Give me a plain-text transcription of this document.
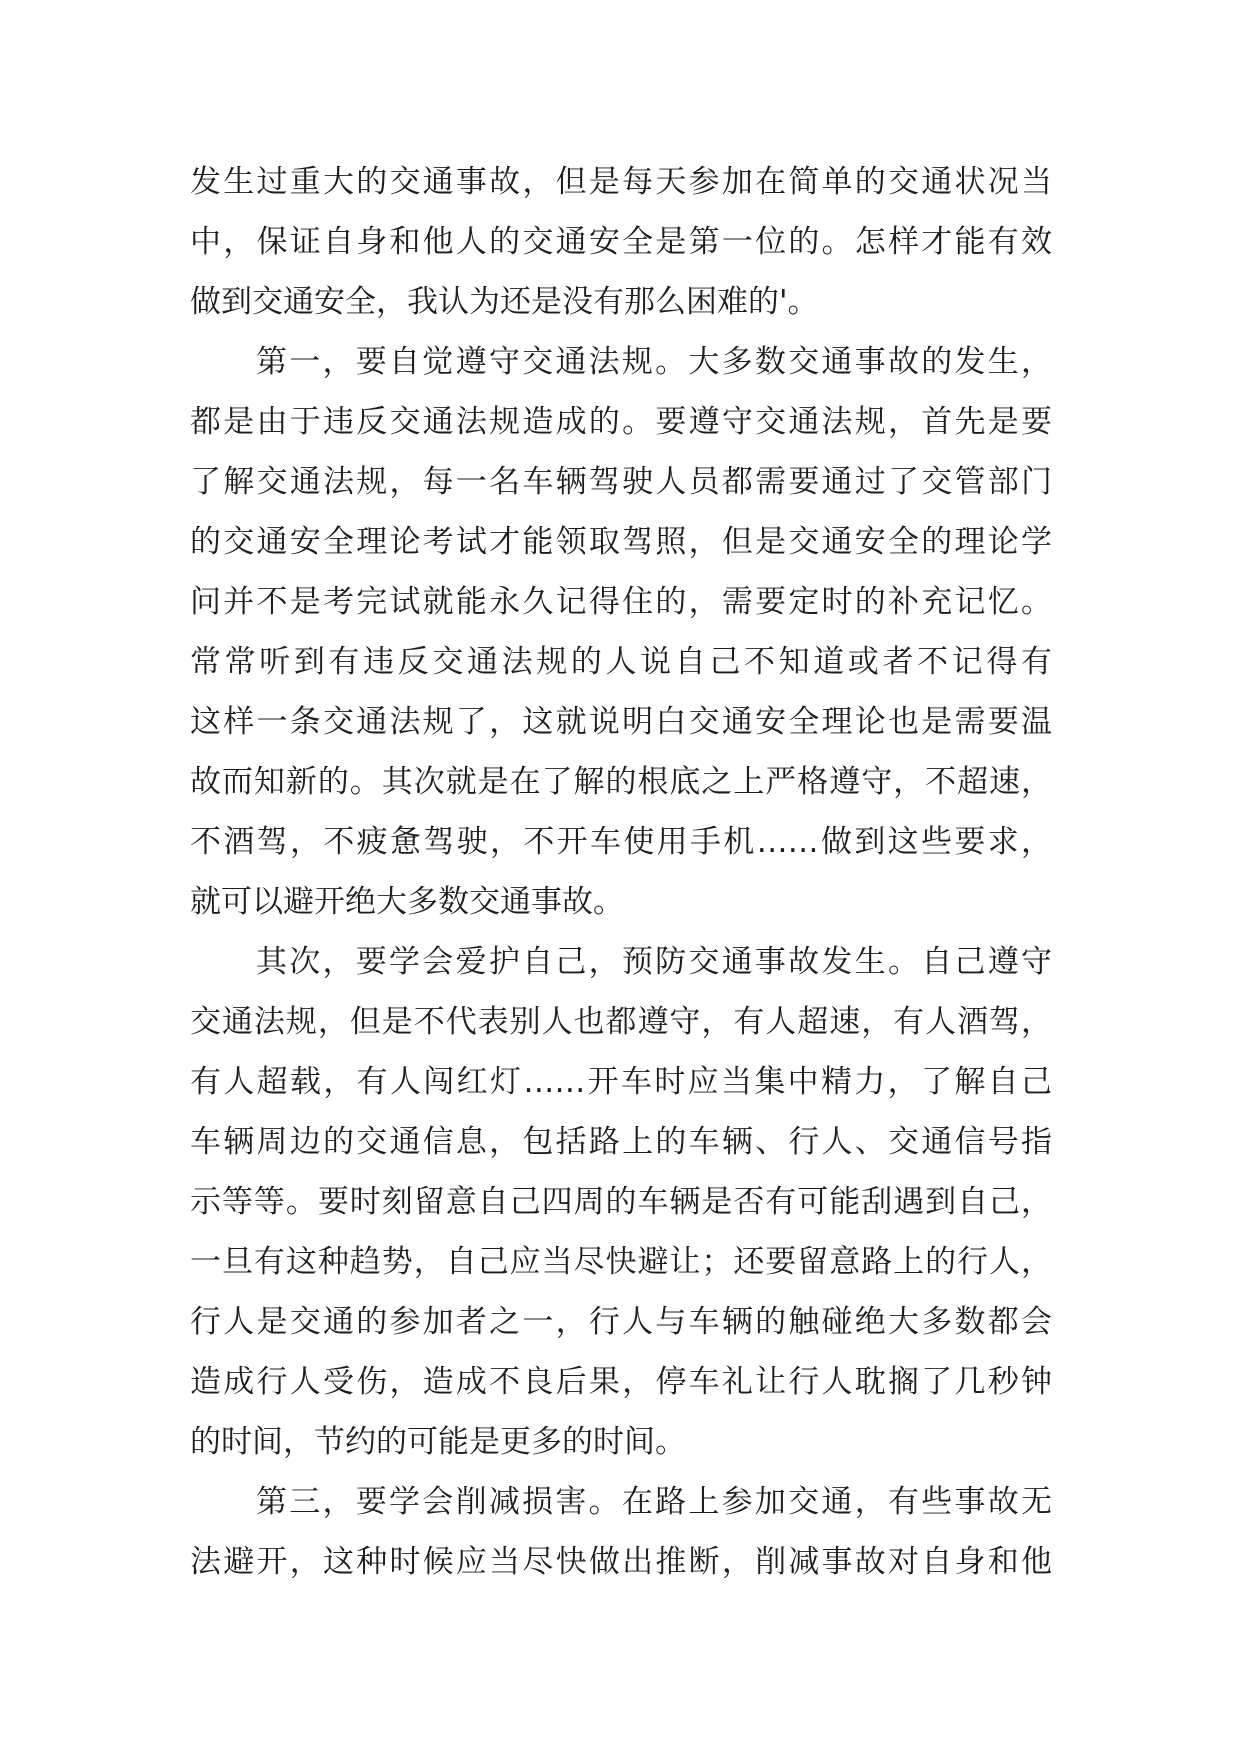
发生过重大的交通事故，但是每天参加在简单的交通状况当
中，保证自身和他人的交通安全是第一位的。怎样才能有效
做到交通安全，我认为还是没有那么困难的'。
第一，要自觉遵守交通法规。大多数交通事故的发生，
都是由于违反交通法规造成的。要遵守交通法规，首先是要
了解交通法规，每一名车辆驾驶人员都需要通过了交管部门
的交通安全理论考试才能领取驾照，但是交通安全的理论学
问并不是考完试就能永久记得住的，需要定时的补充记忆。
常常听到有违反交通法规的人说自己不知道或者不记得有
这样一条交通法规了，这就说明白交通安全理论也是需要温
故而知新的。其次就是在了解的根底之上严格遵守，不超速，
不酒驾，不疲惫驾驶，不开车使用手机……做到这些要求，
就可以避开绝大多数交通事故。
其次，要学会爱护自己，预防交通事故发生。自己遵守
交通法规，但是不代表别人也都遵守，有人超速，有人酒驾，
有人超载，有人闯红灯……开车时应当集中精力，了解自己
车辆周边的交通信息，包括路上的车辆、行人、交通信号指
示等等。要时刻留意自己四周的车辆是否有可能刮遇到自己，
一旦有这种趋势，自己应当尽快避让；还要留意路上的行人，
行人是交通的参加者之一，行人与车辆的触碰绝大多数都会
造成行人受伤，造成不良后果，停车礼让行人耽搁了几秒钟
的时间，节约的可能是更多的时间。
第三，要学会削减损害。在路上参加交通，有些事故无
法避开，这种时候应当尽快做出推断，削减事故对自身和他
